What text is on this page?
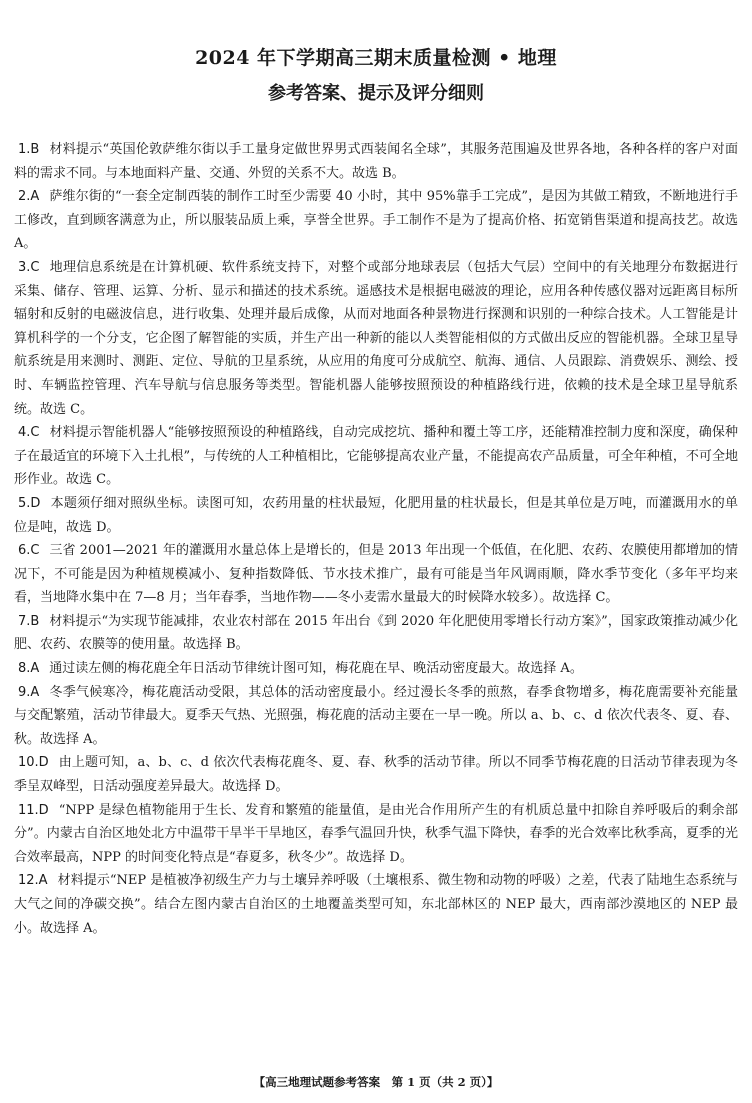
2024 年下学期高三期末质量检测 • 地理
参考答案、提示及评分细则

1.B 材料提示“英国伦敦萨维尔街以手工量身定做世界男式西装闻名全球”，其服务范围遍及世界各地，各种各样的客户对面料的需求不同。与本地面料产量、交通、外贸的关系不大。故选 B。

2.A 萨维尔街的“一套全定制西装的制作工时至少需要 40 小时，其中 95%靠手工完成”，是因为其做工精致，不断地进行手工修改，直到顾客满意为止，所以服装品质上乘，享誉全世界。手工制作不是为了提高价格、拓宽销售渠道和提高技艺。故选 A。

3.C 地理信息系统是在计算机硬、软件系统支持下，对整个或部分地球表层（包括大气层）空间中的有关地理分布数据进行采集、储存、管理、运算、分析、显示和描述的技术系统。遥感技术是根据电磁波的理论，应用各种传感仪器对远距离目标所辐射和反射的电磁波信息，进行收集、处理并最后成像，从而对地面各种景物进行探测和识别的一种综合技术。人工智能是计算机科学的一个分支，它企图了解智能的实质，并生产出一种新的能以人类智能相似的方式做出反应的智能机器。全球卫星导航系统是用来测时、测距、定位、导航的卫星系统，从应用的角度可分成航空、航海、通信、人员跟踪、消费娱乐、测绘、授时、车辆监控管理、汽车导航与信息服务等类型。智能机器人能够按照预设的种植路线行进，依赖的技术是全球卫星导航系统。故选 C。

4.C 材料提示智能机器人“能够按照预设的种植路线，自动完成挖坑、播种和覆土等工序，还能精准控制力度和深度，确保种子在最适宜的环境下入土扎根”，与传统的人工种植相比，它能够提高农业产量，不能提高农产品质量，可全年种植，不可全地形作业。故选 C。

5.D 本题须仔细对照纵坐标。读图可知，农药用量的柱状最短，化肥用量的柱状最长，但是其单位是万吨，而灌溉用水的单位是吨，故选 D。

6.C 三省 2001—2021 年的灌溉用水量总体上是增长的，但是 2013 年出现一个低值，在化肥、农药、农膜使用都增加的情况下，不可能是因为种植规模减小、复种指数降低、节水技术推广，最有可能是当年风调雨顺，降水季节变化（多年平均来看，当地降水集中在 7—8 月；当年春季，当地作物——冬小麦需水量最大的时候降水较多）。故选择 C。

7.B 材料提示“为实现节能减排，农业农村部在 2015 年出台《到 2020 年化肥使用零增长行动方案》”，国家政策推动减少化肥、农药、农膜等的使用量。故选择 B。

8.A 通过读左侧的梅花鹿全年日活动节律统计图可知，梅花鹿在早、晚活动密度最大。故选择 A。

9.A 冬季气候寒冷，梅花鹿活动受限，其总体的活动密度最小。经过漫长冬季的煎熬，春季食物增多，梅花鹿需要补充能量与交配繁殖，活动节律最大。夏季天气热、光照强，梅花鹿的活动主要在一早一晚。所以 a、b、c、d 依次代表冬、夏、春、秋。故选择 A。

10.D 由上题可知，a、b、c、d 依次代表梅花鹿冬、夏、春、秋季的活动节律。所以不同季节梅花鹿的日活动节律表现为冬季呈双峰型，日活动强度差异最大。故选择 D。

11.D “NPP 是绿色植物能用于生长、发育和繁殖的能量值，是由光合作用所产生的有机质总量中扣除自养呼吸后的剩余部分”。内蒙古自治区地处北方中温带干旱半干旱地区，春季气温回升快，秋季气温下降快，春季的光合效率比秋季高，夏季的光合效率最高，NPP 的时间变化特点是“春夏多，秋冬少”。故选择 D。

12.A 材料提示“NEP 是植被净初级生产力与土壤异养呼吸（土壤根系、微生物和动物的呼吸）之差，代表了陆地生态系统与大气之间的净碳交换”。结合左图内蒙古自治区的土地覆盖类型可知，东北部林区的 NEP 最大，西南部沙漠地区的 NEP 最小。故选择 A。

【高三地理试题参考答案　第 1 页（共 2 页）】
